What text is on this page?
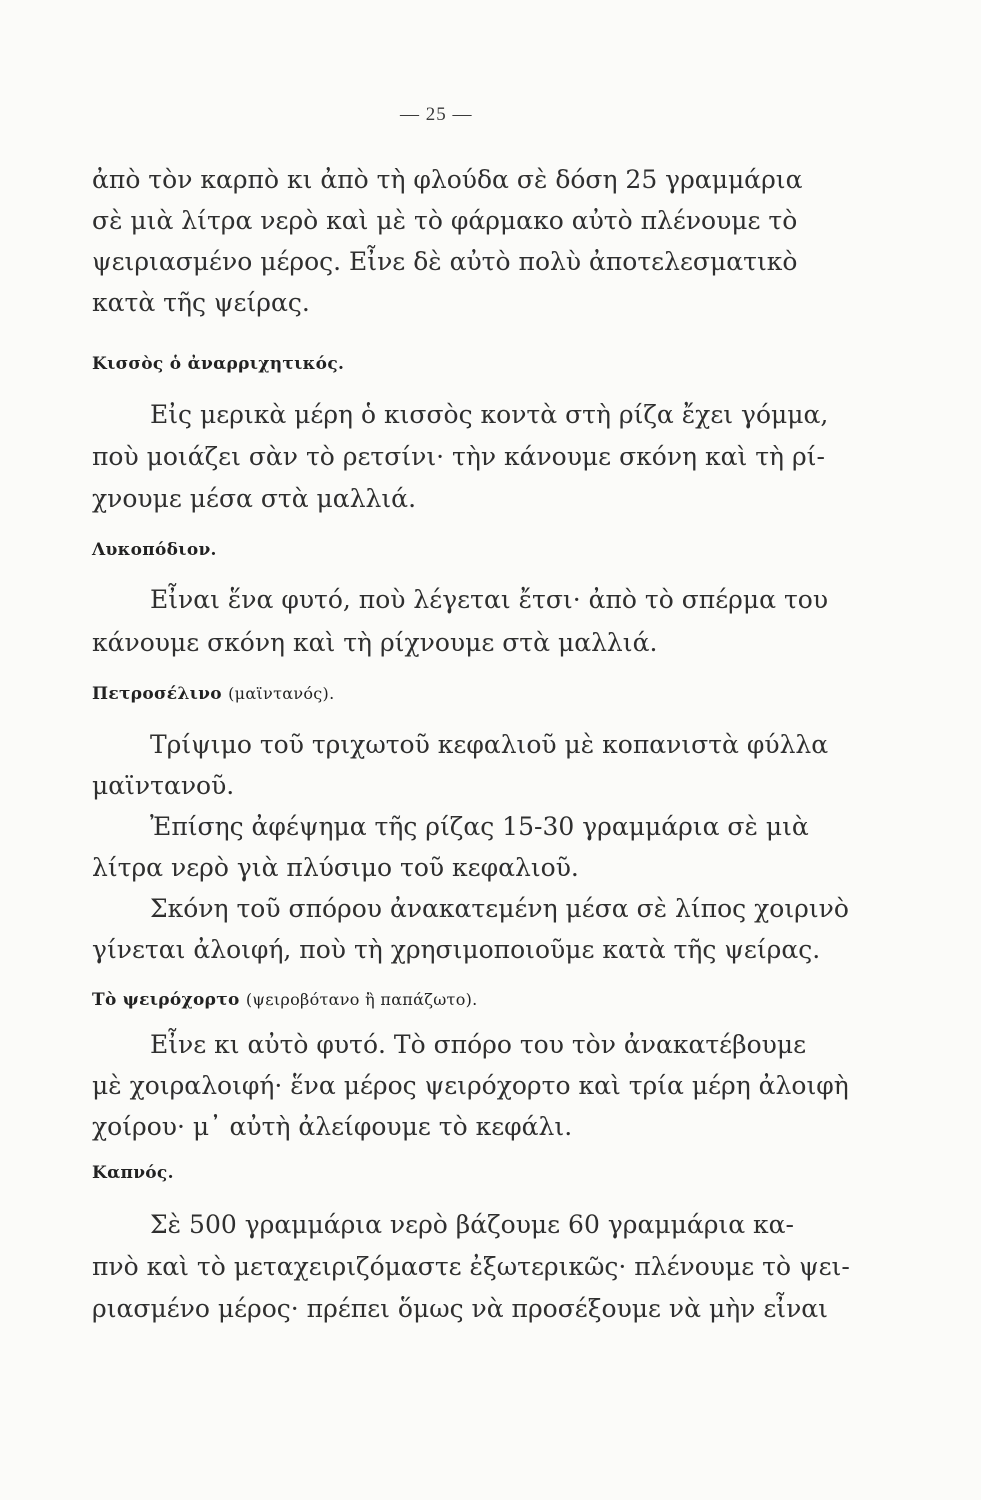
— 25 —
ἀπὸ τὸν καρπὸ κι ἀπὸ τὴ φλούδα σὲ δόση 25 γραμμάρια
σὲ μιὰ λίτρα νερὸ καὶ μὲ τὸ φάρμακο αὐτὸ πλένουμε τὸ
ψειριασμένο μέρος. Εἶνε δὲ αὐτὸ πολὺ ἀποτελεσματικὸ
κατὰ τῆς ψείρας.
Κισσὸς ὁ ἀναρριχητικός.
Εἰς μερικὰ μέρη ὁ κισσὸς κοντὰ στὴ ρίζα ἔχει γόμμα,
ποὺ μοιάζει σὰν τὸ ρετσίνι· τὴν κάνουμε σκόνη καὶ τὴ ρί-
χνουμε μέσα στὰ μαλλιά.
Λυκοπόδιον.
Εἶναι ἕνα φυτό, ποὺ λέγεται ἔτσι· ἀπὸ τὸ σπέρμα του
κάνουμε σκόνη καὶ τὴ ρίχνουμε στὰ μαλλιά.
Πετροσέλινο (μαϊντανός).
Τρίψιμο τοῦ τριχωτοῦ κεφαλιοῦ μὲ κοπανιστὰ φύλλα
μαϊντανοῦ.
Ἐπίσης ἀφέψημα τῆς ρίζας 15-30 γραμμάρια σὲ μιὰ
λίτρα νερὸ γιὰ πλύσιμο τοῦ κεφαλιοῦ.
Σκόνη τοῦ σπόρου ἀνακατεμένη μέσα σὲ λίπος χοιρινὸ
γίνεται ἀλοιφή, ποὺ τὴ χρησιμοποιοῦμε κατὰ τῆς ψείρας.
Τὸ ψειρόχορτο (ψειροβότανο ἢ παπάζωτο).
Εἶνε κι αὐτὸ φυτό. Τὸ σπόρο του τὸν ἀνακατέβουμε
μὲ χοιραλοιφή· ἕνα μέρος ψειρόχορτο καὶ τρία μέρη ἀλοιφὴ
χοίρου· μ᾽ αὐτὴ ἀλείφουμε τὸ κεφάλι.
Καπνός.
Σὲ 500 γραμμάρια νερὸ βάζουμε 60 γραμμάρια κα-
πνὸ καὶ τὸ μεταχειριζόμαστε ἐξωτερικῶς· πλένουμε τὸ ψει-
ριασμένο μέρος· πρέπει ὅμως νὰ προσέξουμε νὰ μὴν εἶναι
